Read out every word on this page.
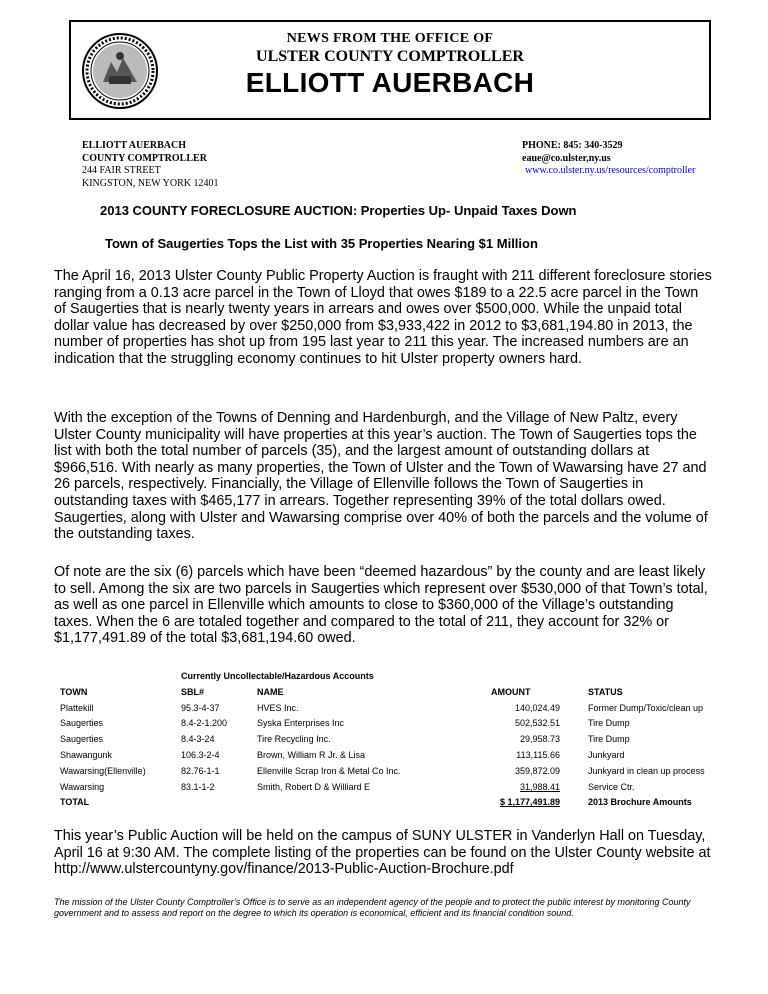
NEWS FROM THE OFFICE OF
ULSTER COUNTY COMPTROLLER
ELLIOTT AUERBACH
ELLIOTT AUERBACH
COUNTY COMPTROLLER
244 FAIR STREET
KINGSTON, NEW YORK 12401
PHONE: 845: 340-3529
eaue@co.ulster,ny.us
www.co.ulster.ny.us/resources/comptroller
2013 COUNTY FORECLOSURE AUCTION: Properties Up- Unpaid Taxes Down
Town of Saugerties Tops the List with 35 Properties Nearing $1 Million

The April 16, 2013 Ulster County Public Property Auction is fraught with 211 different foreclosure stories ranging from a 0.13 acre parcel in the Town of Lloyd that owes $189 to a 22.5 acre parcel in the Town of Saugerties that is nearly twenty years in arrears and owes over $500,000. While the unpaid total dollar value has decreased by over $250,000 from $3,933,422 in 2012 to $3,681,194.80 in 2013, the number of properties has shot up from 195 last year to 211 this year. The increased numbers are an indication that the struggling economy continues to hit Ulster property owners hard.

With the exception of the Towns of Denning and Hardenburgh, and the Village of New Paltz, every Ulster County municipality will have properties at this year’s auction. The Town of Saugerties tops the list with both the total number of parcels (35), and the largest amount of outstanding dollars at $966,516. With nearly as many properties, the Town of Ulster and the Town of Wawarsing have 27 and 26 parcels, respectively. Financially, the Village of Ellenville follows the Town of Saugerties in outstanding taxes with $465,177 in arrears. Together representing 39% of the total dollars owed. Saugerties, along with Ulster and Wawarsing comprise over 40% of both the parcels and the volume of the outstanding taxes.

Of note are the six (6) parcels which have been “deemed hazardous” by the county and are least likely to sell. Among the six are two parcels in Saugerties which represent over $530,000 of that Town’s total, as well as one parcel in Ellenville which amounts to close to $360,000 of the Village’s outstanding taxes. When the 6 are totaled together and compared to the total of 211, they account for 32% or $1,177,491.89 of the total $3,681,194.60 owed.

Currently Uncollectable/Hazardous Accounts
TOWN	SBL#	NAME	AMOUNT	STATUS
Plattekill	95.3-4-37	HVES Inc.	140,024.49	Former Dump/Toxic/clean up
Saugerties	8.4-2-1.200	Syska Enterprises Inc	502,532.51	Tire Dump
Saugerties	8.4-3-24	Tire Recycling Inc.	29,958.73	Tire Dump
Shawangunk	106.3-2-4	Brown, William R Jr. & Lisa	113,115.66	Junkyard
Wawarsing(Ellenville)	82.76-1-1	Ellenville Scrap Iron & Metal Co Inc.	359,872.09	Junkyard in clean up process
Wawarsing	83.1-1-2	Smith, Robert D & Williard E	31,988.41	Service Ctr.
TOTAL			$ 1,177,491.89	2013 Brochure Amounts

This year’s Public Auction will be held on the campus of SUNY ULSTER in Vanderlyn Hall on Tuesday, April 16 at 9:30 AM. The complete listing of the properties can be found on the Ulster County website at http://www.ulstercountyny.gov/finance/2013-Public-Auction-Brochure.pdf

The mission of the Ulster County Comptroller’s Office is to serve as an independent agency of the people and to protect the public interest by monitoring County government and to assess and report on the degree to which its operation is economical, efficient and its financial condition sound.
